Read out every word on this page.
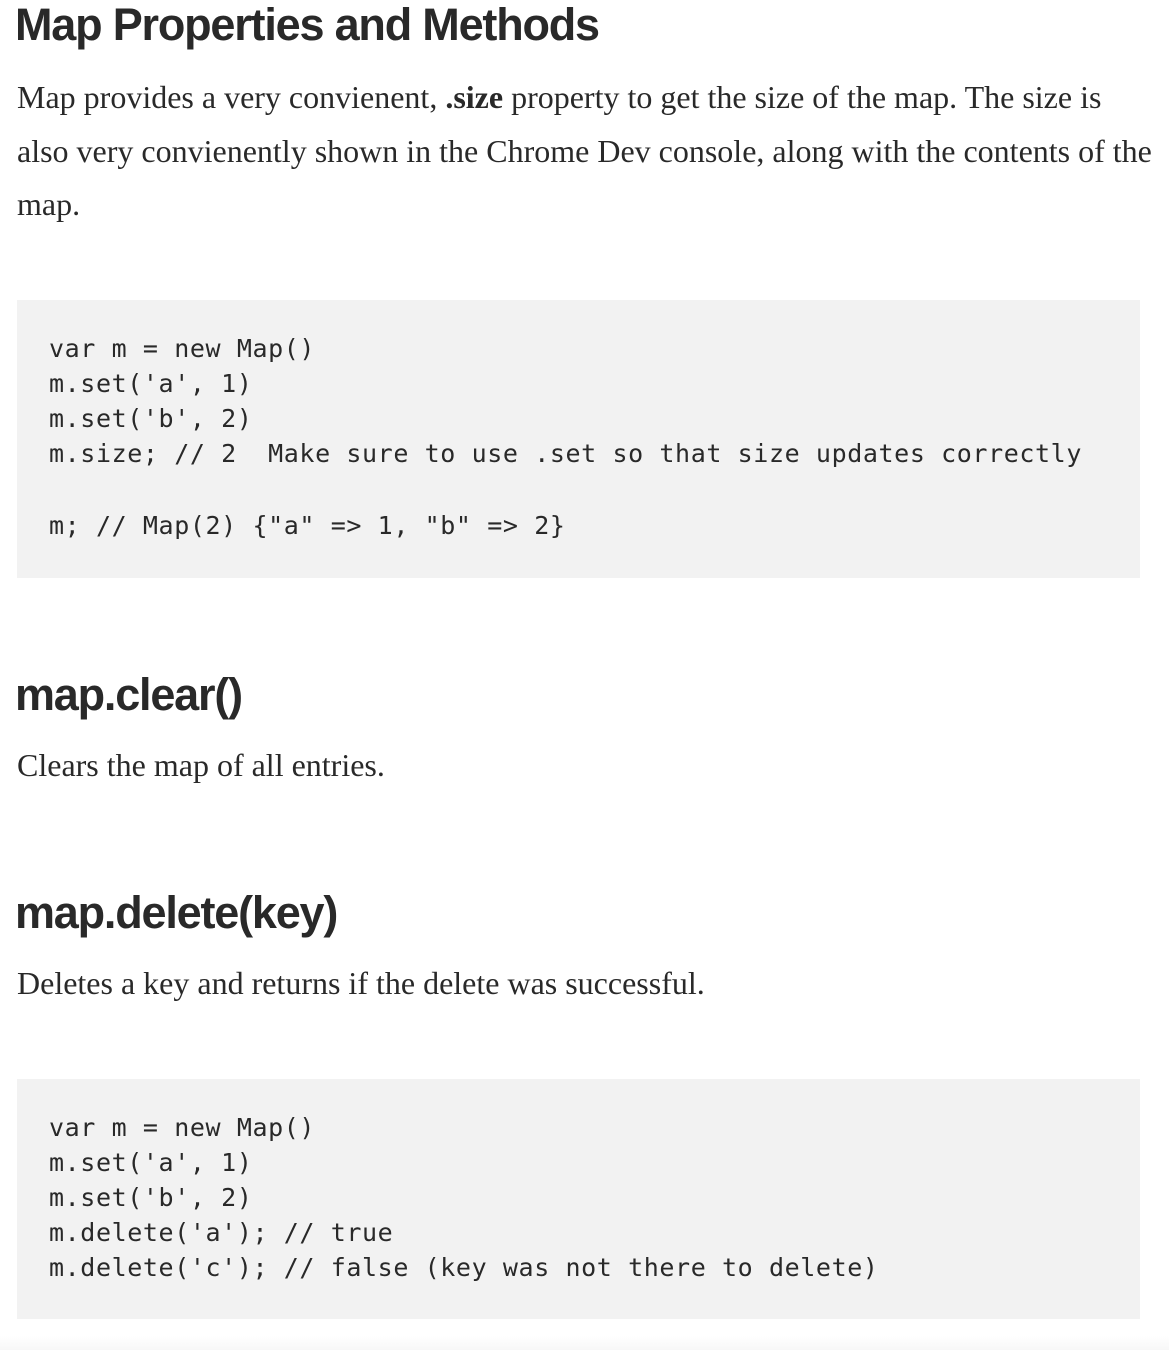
Map Properties and Methods

Map provides a very convienent, .size property to get the size of the map. The size is also very convienently shown in the Chrome Dev console, along with the contents of the map.

var m = new Map()
m.set('a', 1)
m.set('b', 2)
m.size; // 2  Make sure to use .set so that size updates correctly
m; // Map(2) {"a" => 1, "b" => 2}
map.clear()

Clears the map of all entries.

map.delete(key)

Deletes a key and returns if the delete was successful.

var m = new Map()
m.set('a', 1)
m.set('b', 2)
m.delete('a'); // true
m.delete('c'); // false (key was not there to delete)
